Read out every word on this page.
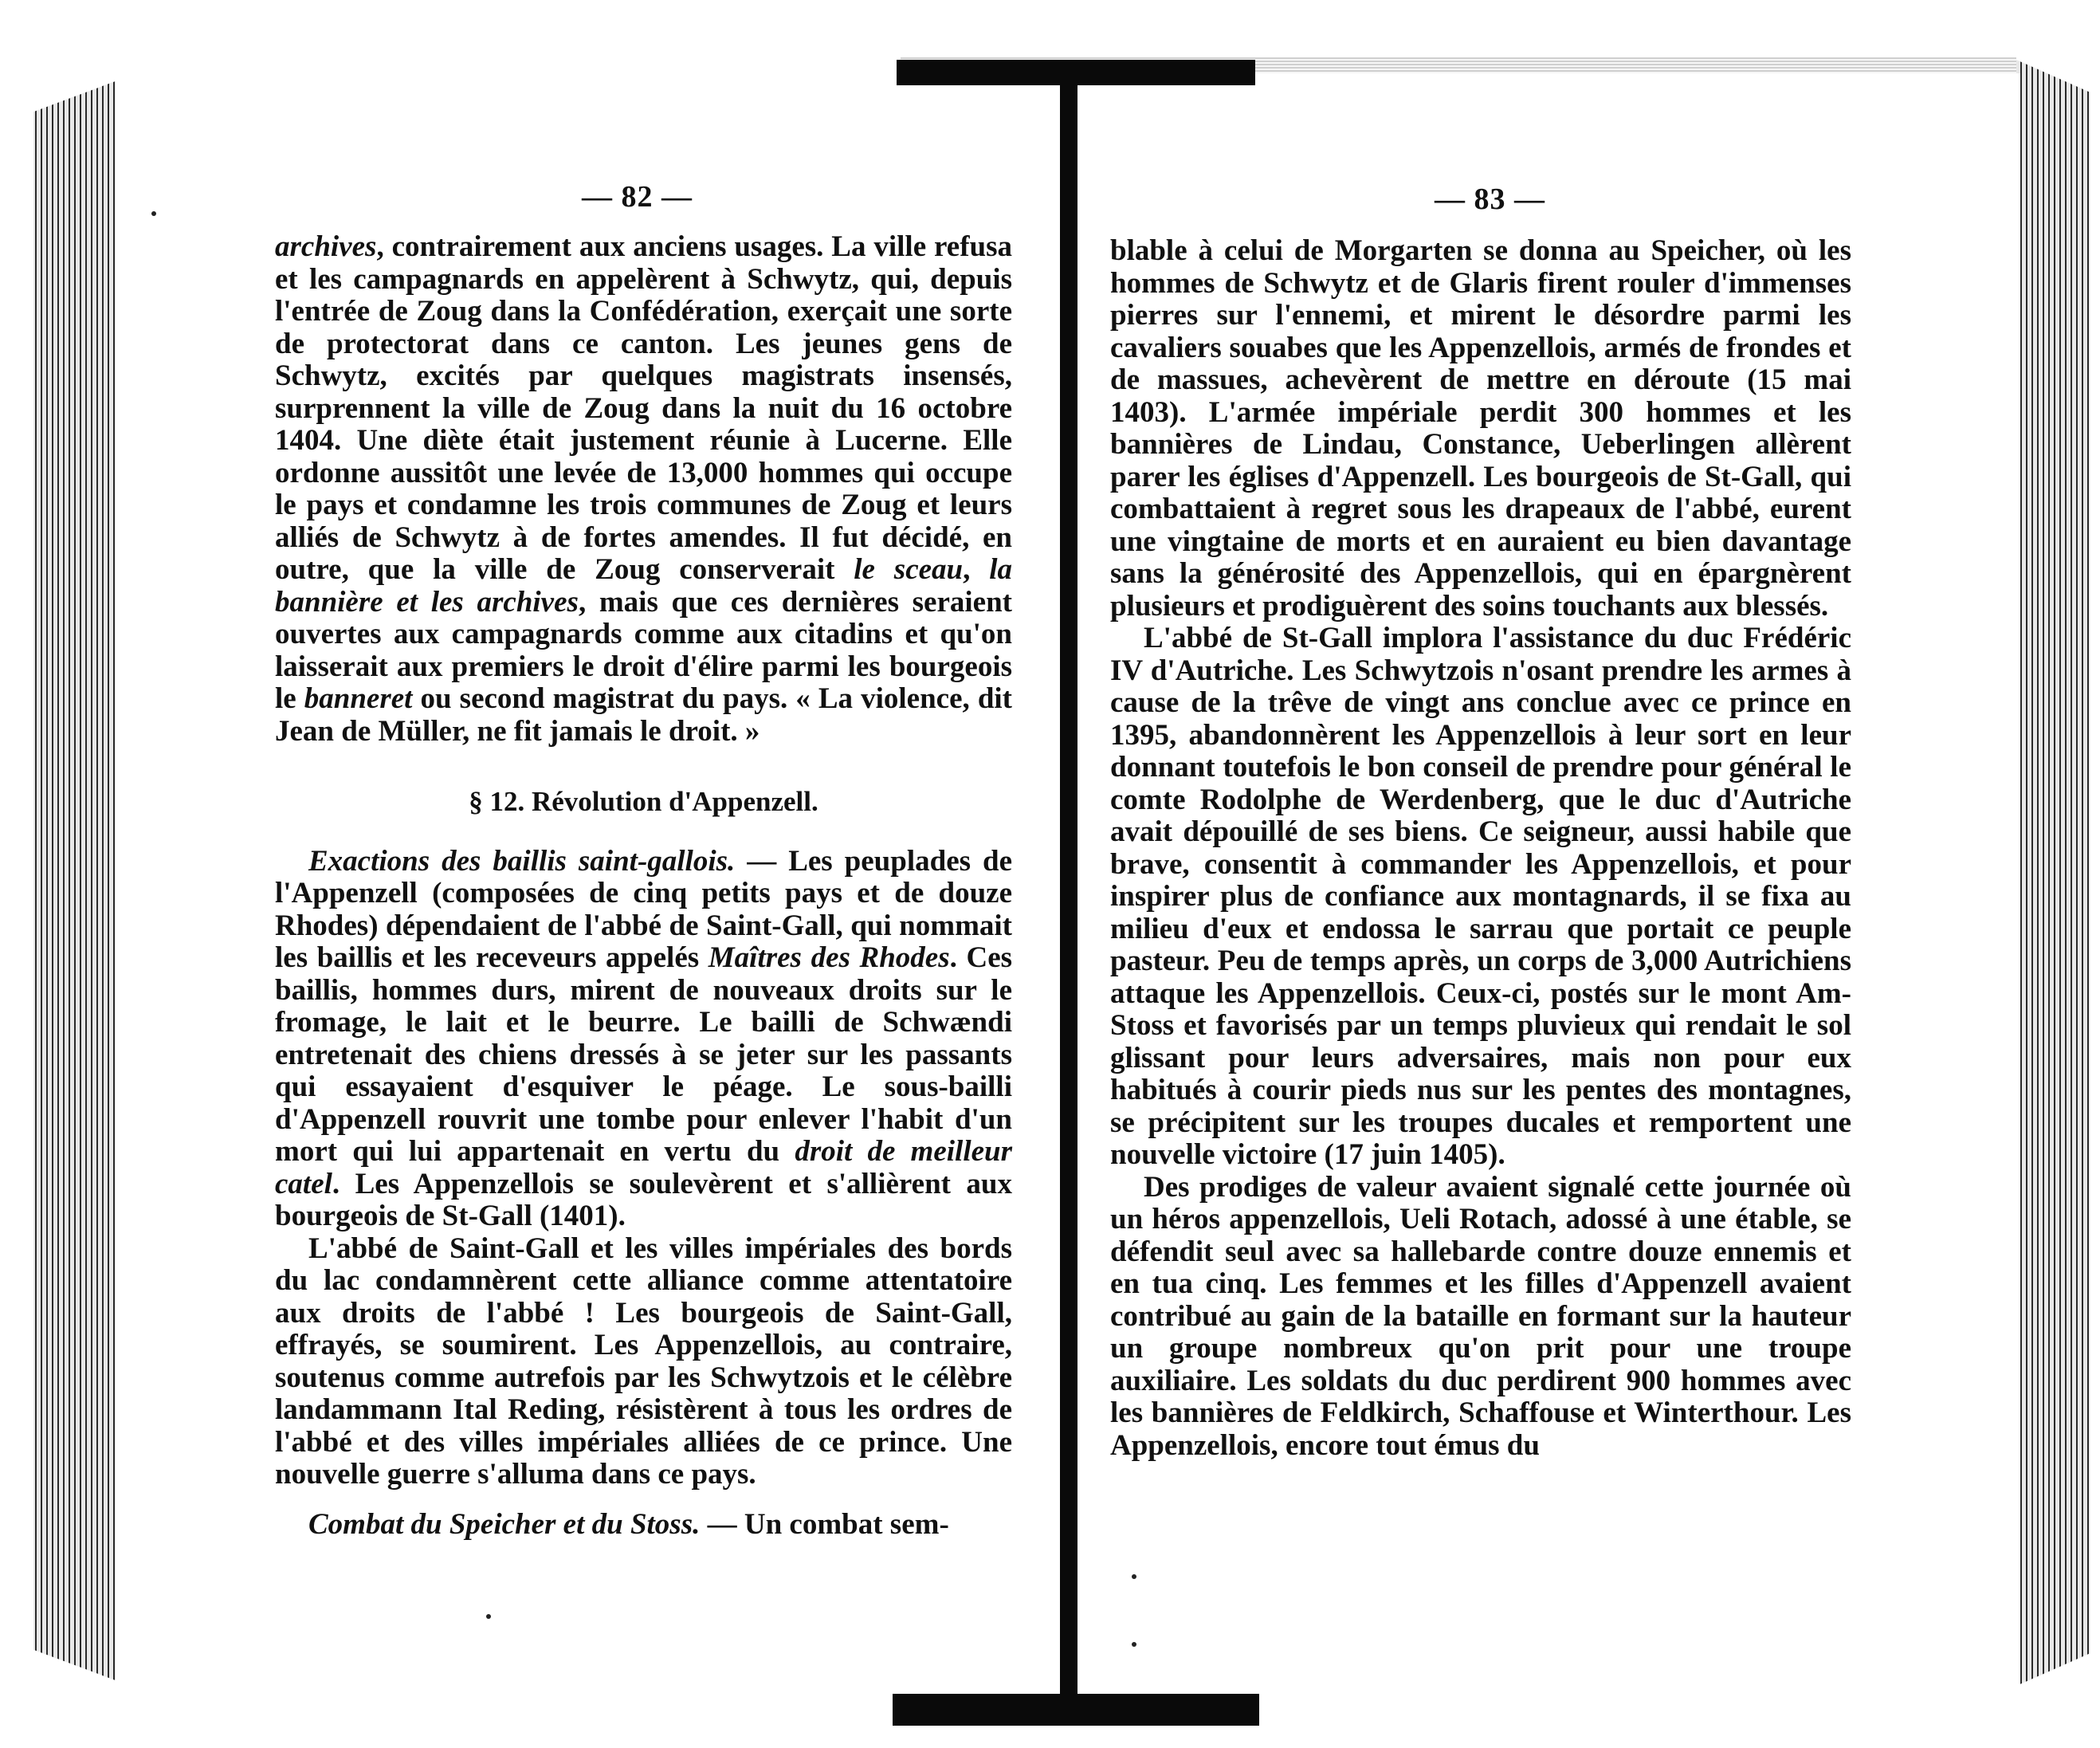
— 82 —	— 83 —

archives, contrairement aux anciens usages. La ville refusa et les campagnards en appelèrent à Schwytz, qui, depuis l'entrée de Zoug dans la Confédération, exerçait une sorte de protectorat dans ce canton. Les jeunes gens de Schwytz, excités par quelques magistrats insensés, surprennent la ville de Zoug dans la nuit du 16 octobre 1404. Une diète était justement réunie à Lucerne. Elle ordonne aussitôt une levée de 13,000 hommes qui occupe le pays et condamne les trois communes de Zoug et leurs alliés de Schwytz à de fortes amendes. Il fut décidé, en outre, que la ville de Zoug conserverait le sceau, la bannière et les archives, mais que ces dernières seraient ouvertes aux campagnards comme aux citadins et qu'on laisserait aux premiers le droit d'élire parmi les bourgeois le banneret ou second magistrat du pays. « La violence, dit Jean de Müller, ne fit jamais le droit. »

§ 12. Révolution d'Appenzell.

Exactions des baillis saint-gallois. — Les peuplades de l'Appenzell (composées de cinq petits pays et de douze Rhodes) dépendaient de l'abbé de Saint-Gall, qui nommait les baillis et les receveurs appelés Maîtres des Rhodes. Ces baillis, hommes durs, mirent de nouveaux droits sur le fromage, le lait et le beurre. Le bailli de Schwændi entretenait des chiens dressés à se jeter sur les passants qui essayaient d'esquiver le péage. Le sous-bailli d'Appenzell rouvrit une tombe pour enlever l'habit d'un mort qui lui appartenait en vertu du droit de meilleur catel. Les Appenzellois se soulevèrent et s'allièrent aux bourgeois de St-Gall (1401).

L'abbé de Saint-Gall et les villes impériales des bords du lac condamnèrent cette alliance comme attentatoire aux droits de l'abbé ! Les bourgeois de Saint-Gall, effrayés, se soumirent. Les Appenzellois, au contraire, soutenus comme autrefois par les Schwytzois et le célèbre landammann Ital Reding, résistèrent à tous les ordres de l'abbé et des villes impériales alliées de ce prince. Une nouvelle guerre s'alluma dans ce pays.

Combat du Speicher et du Stoss. — Un combat sem-

blable à celui de Morgarten se donna au Speicher, où les hommes de Schwytz et de Glaris firent rouler d'immenses pierres sur l'ennemi, et mirent le désordre parmi les cavaliers souabes que les Appenzellois, armés de frondes et de massues, achevèrent de mettre en déroute (15 mai 1403). L'armée impériale perdit 300 hommes et les bannières de Lindau, Constance, Ueberlingen allèrent parer les églises d'Appenzell. Les bourgeois de St-Gall, qui combattaient à regret sous les drapeaux de l'abbé, eurent une vingtaine de morts et en auraient eu bien davantage sans la générosité des Appenzellois, qui en épargnèrent plusieurs et prodiguèrent des soins touchants aux blessés.

L'abbé de St-Gall implora l'assistance du duc Frédéric IV d'Autriche. Les Schwytzois n'osant prendre les armes à cause de la trêve de vingt ans conclue avec ce prince en 1395, abandonnèrent les Appenzellois à leur sort en leur donnant toutefois le bon conseil de prendre pour général le comte Rodolphe de Werdenberg, que le duc d'Autriche avait dépouillé de ses biens. Ce seigneur, aussi habile que brave, consentit à commander les Appenzellois, et pour inspirer plus de confiance aux montagnards, il se fixa au milieu d'eux et endossa le sarrau que portait ce peuple pasteur. Peu de temps après, un corps de 3,000 Autrichiens attaque les Appenzellois. Ceux-ci, postés sur le mont Am-Stoss et favorisés par un temps pluvieux qui rendait le sol glissant pour leurs adversaires, mais non pour eux habitués à courir pieds nus sur les pentes des montagnes, se précipitent sur les troupes ducales et remportent une nouvelle victoire (17 juin 1405).

Des prodiges de valeur avaient signalé cette journée où un héros appenzellois, Ueli Rotach, adossé à une étable, se défendit seul avec sa hallebarde contre douze ennemis et en tua cinq. Les femmes et les filles d'Appenzell avaient contribué au gain de la bataille en formant sur la hauteur un groupe nombreux qu'on prit pour une troupe auxiliaire. Les soldats du duc perdirent 900 hommes avec les bannières de Feldkirch, Schaffouse et Winterthour. Les Appenzellois, encore tout émus du
